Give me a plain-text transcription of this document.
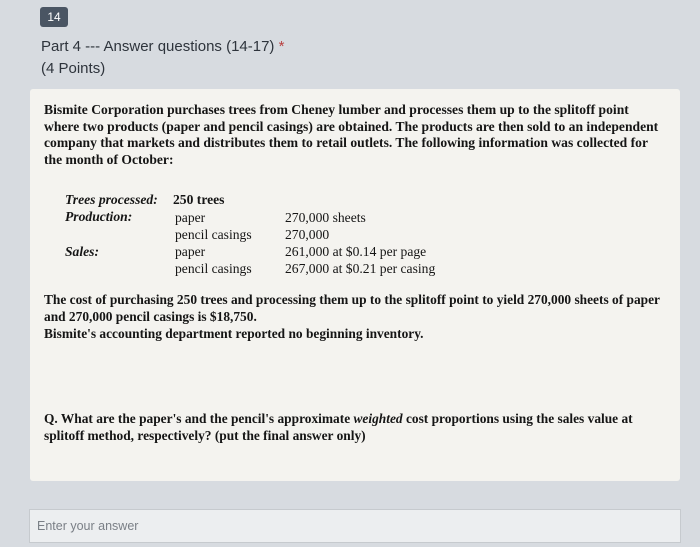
14
Part 4 --- Answer questions (14-17) *
(4 Points)
Bismite Corporation purchases trees from Cheney lumber and processes them up to the splitoff point where two products (paper and pencil casings) are obtained. The products are then sold to an independent company that markets and distributes them to retail outlets. The following information was collected for the month of October:
Trees processed: 250 trees
Production:	paper	270,000 sheets
pencil casings 270,000
Sales:	paper	261,000 at $0.14 per page
pencil casings 267,000 at $0.21 per casing
The cost of purchasing 250 trees and processing them up to the splitoff point to yield 270,000 sheets of paper and 270,000 pencil casings is $18,750.
Bismite's accounting department reported no beginning inventory.
Q. What are the paper's and the pencil's approximate weighted cost proportions using the sales value at splitoff method, respectively? (put the final answer only)
Enter your answer
